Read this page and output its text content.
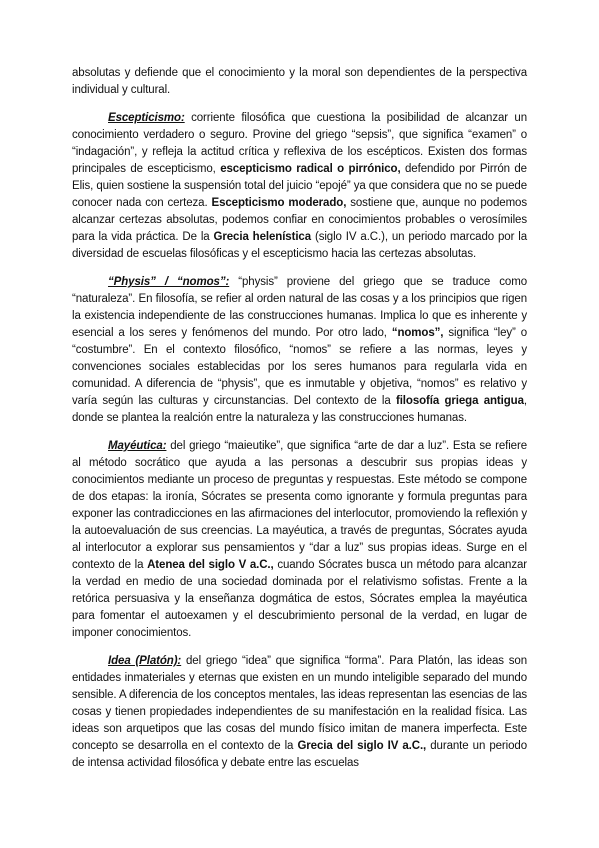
absolutas y defiende que el conocimiento y la moral son dependientes de la perspectiva individual y cultural.

Escepticismo: corriente filosófica que cuestiona la posibilidad de alcanzar un conocimiento verdadero o seguro. Provine del griego “sepsis”, que significa “examen” o “indagación”, y refleja la actitud crítica y reflexiva de los escépticos. Existen dos formas principales de escepticismo, escepticismo radical o pirrónico, defendido por Pirrón de Elis, quien sostiene la suspensión total del juicio “epojé” ya que considera que no se puede conocer nada con certeza. Escepticismo moderado, sostiene que, aunque no podemos alcanzar certezas absolutas, podemos confiar en conocimientos probables o verosímiles para la vida práctica. De la Grecia helenística (siglo IV a.C.), un periodo marcado por la diversidad de escuelas filosóficas y el escepticismo hacia las certezas absolutas.

“Physis” / “nomos”: “physis” proviene del griego que se traduce como “naturaleza”. En filosofía, se refier al orden natural de las cosas y a los principios que rigen la existencia independiente de las construcciones humanas. Implica lo que es inherente y esencial a los seres y fenómenos del mundo. Por otro lado, “nomos”, significa “ley” o “costumbre”. En el contexto filosófico, “nomos” se refiere a las normas, leyes y convenciones sociales establecidas por los seres humanos para regularla vida en comunidad. A diferencia de “physis”, que es inmutable y objetiva, “nomos” es relativo y varía según las culturas y circunstancias. Del contexto de la filosofía griega antigua, donde se plantea la realción entre la naturaleza y las construcciones humanas.

Mayéutica: del griego “maieutike”, que significa “arte de dar a luz”. Esta se refiere al método socrático que ayuda a las personas a descubrir sus propias ideas y conocimientos mediante un proceso de preguntas y respuestas. Este método se compone de dos etapas: la ironía, Sócrates se presenta como ignorante y formula preguntas para exponer las contradicciones en las afirmaciones del interlocutor, promoviendo la reflexión y la autoevaluación de sus creencias. La mayéutica, a través de preguntas, Sócrates ayuda al interlocutor a explorar sus pensamientos y “dar a luz” sus propias ideas. Surge en el contexto de la Atenea del siglo V a.C., cuando Sócrates busca un método para alcanzar la verdad en medio de una sociedad dominada por el relativismo sofistas. Frente a la retórica persuasiva y la enseñanza dogmática de estos, Sócrates emplea la mayéutica para fomentar el autoexamen y el descubrimiento personal de la verdad, en lugar de imponer conocimientos.

Idea (Platón): del griego “idea” que significa “forma”. Para Platón, las ideas son entidades inmateriales y eternas que existen en un mundo inteligible separado del mundo sensible. A diferencia de los conceptos mentales, las ideas representan las esencias de las cosas y tienen propiedades independientes de su manifestación en la realidad física. Las ideas son arquetipos que las cosas del mundo físico imitan de manera imperfecta. Este concepto se desarrolla en el contexto de la Grecia del siglo IV a.C., durante un periodo de intensa actividad filosófica y debate entre las escuelas
